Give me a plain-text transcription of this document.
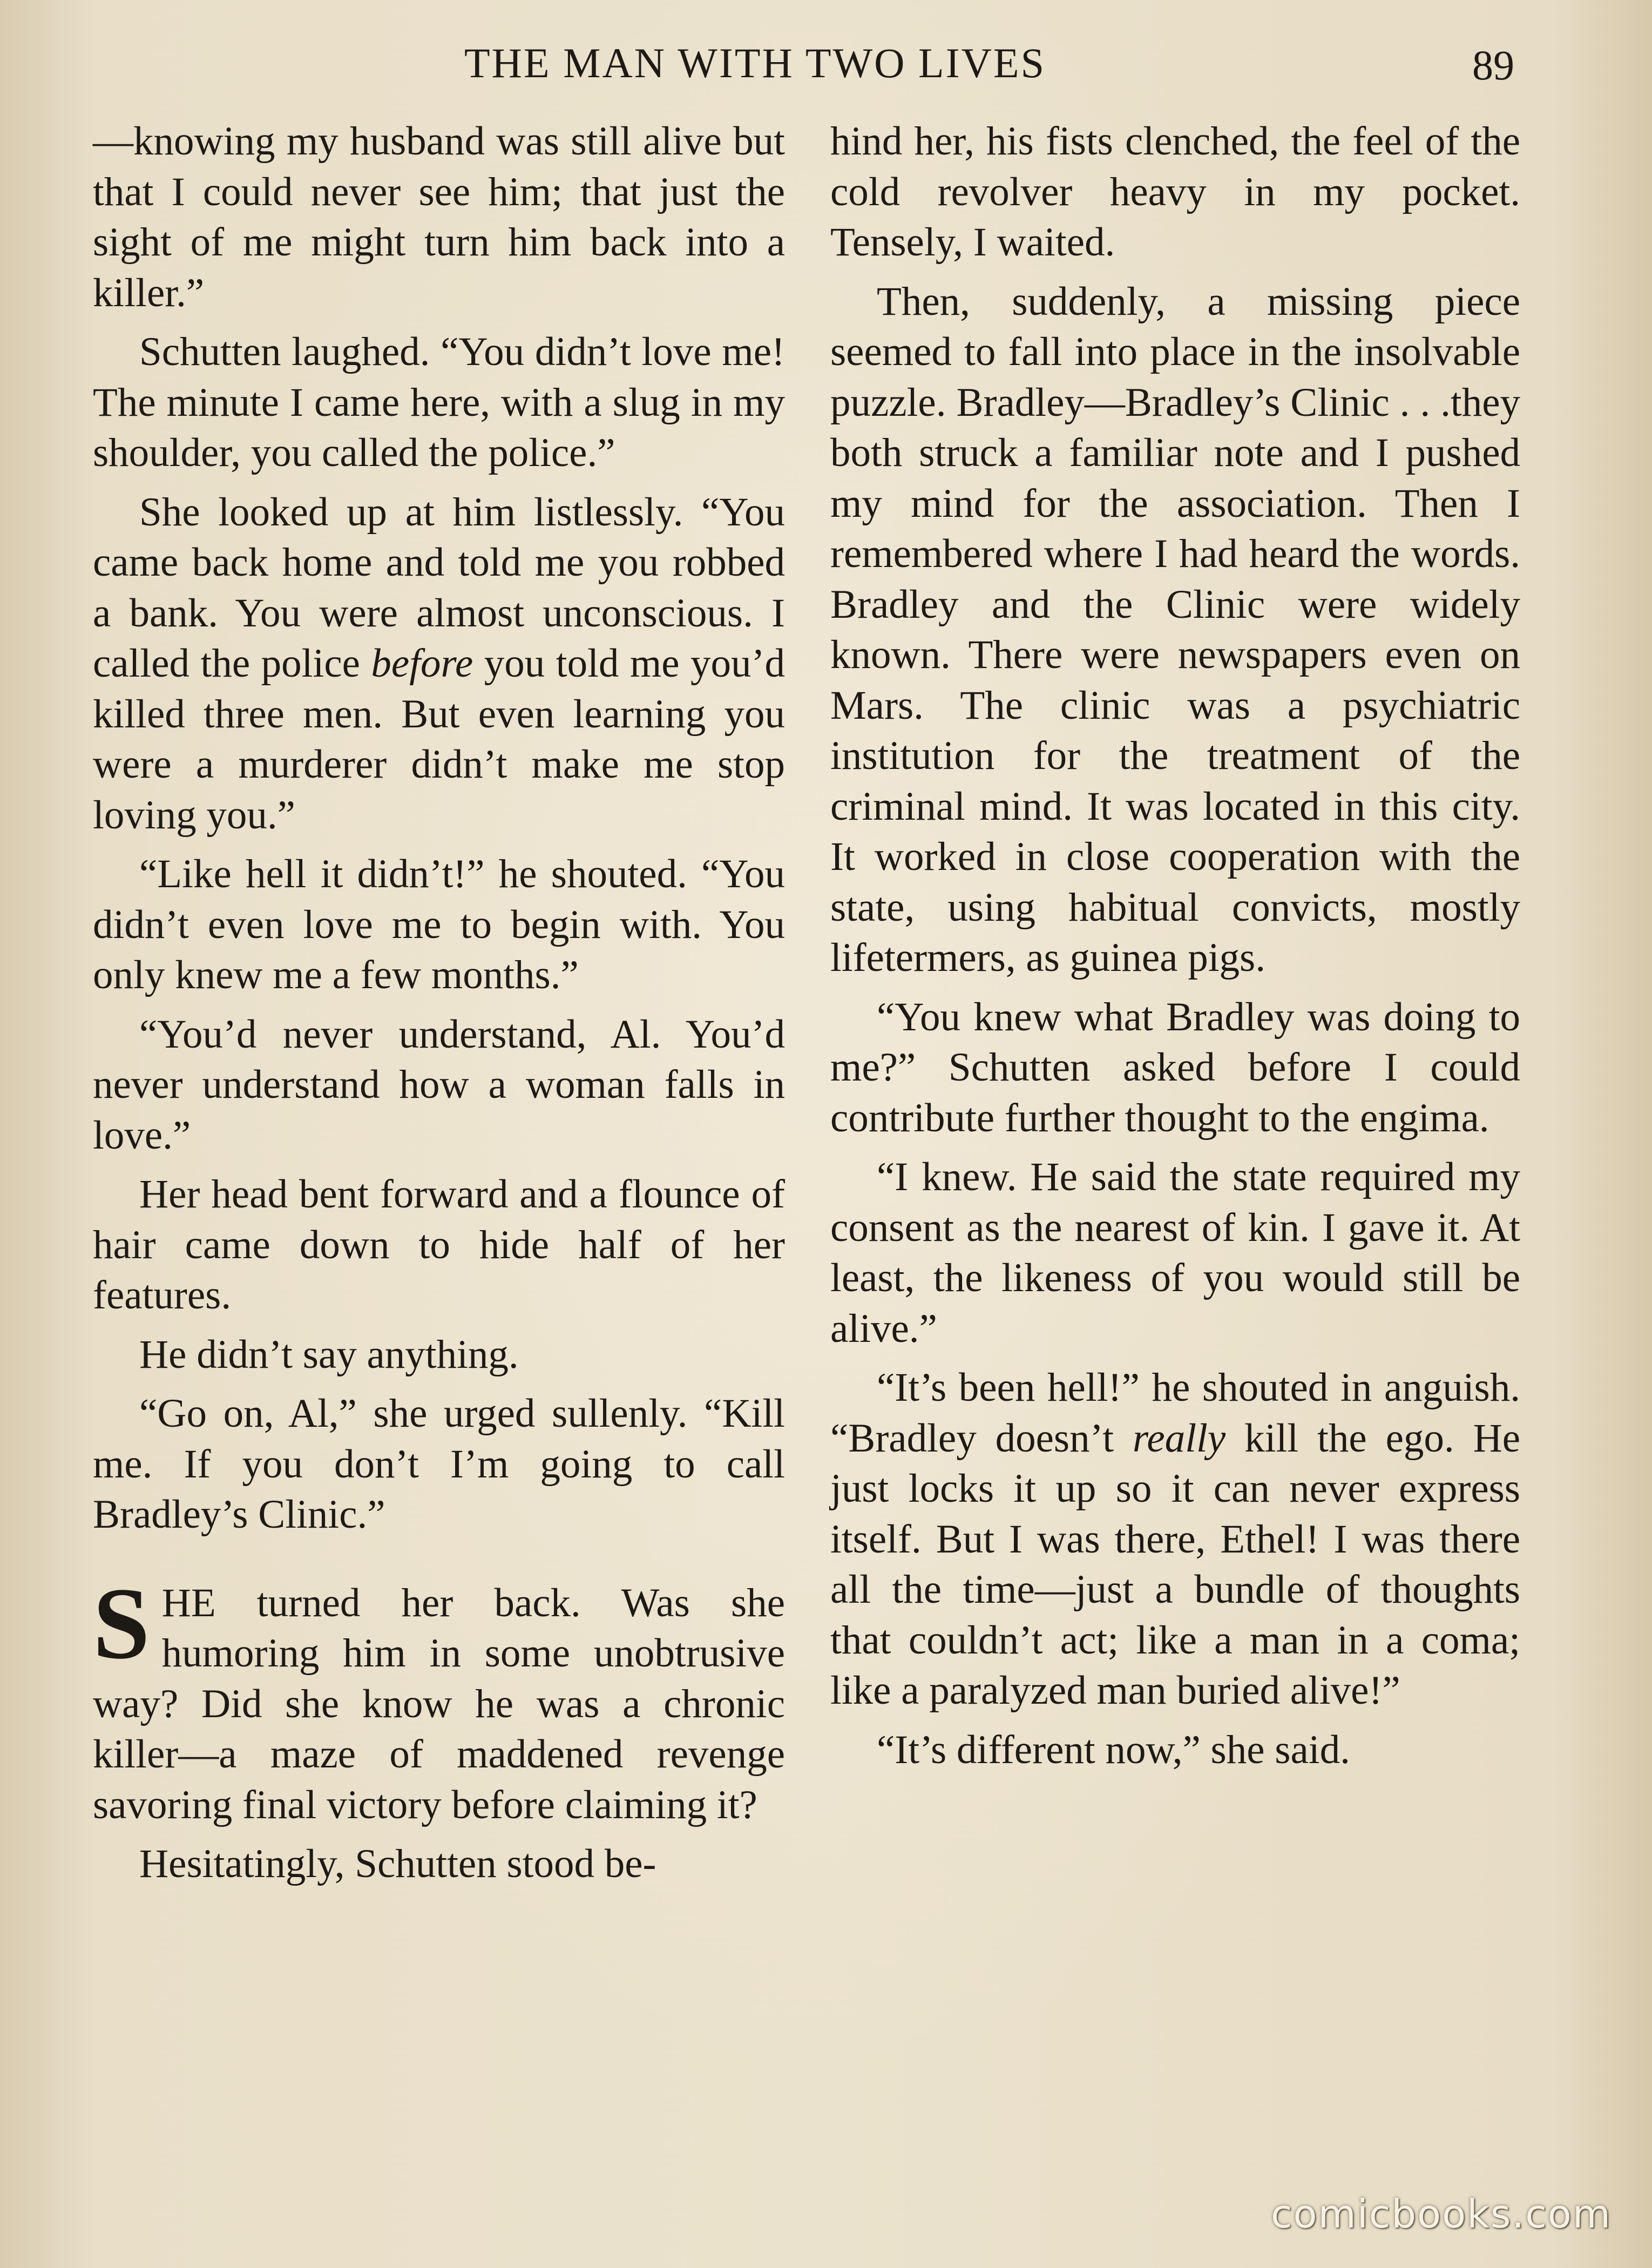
THE MAN WITH TWO LIVES	89

—knowing my husband was still alive but that I could never see him; that just the sight of me might turn him back into a killer.”

Schutten laughed. “You didn’t love me! The minute I came here, with a slug in my shoulder, you called the police.”

She looked up at him listlessly. “You came back home and told me you robbed a bank. You were almost unconscious. I called the police before you told me you’d killed three men. But even learning you were a murderer didn’t make me stop loving you.”

“Like hell it didn’t!” he shouted. “You didn’t even love me to begin with. You only knew me a few months.”

“You’d never understand, Al. You’d never understand how a woman falls in love.”

Her head bent forward and a flounce of hair came down to hide half of her features.

He didn’t say anything.

“Go on, Al,” she urged sullenly. “Kill me. If you don’t I’m going to call Bradley’s Clinic.”

SHE turned her back. Was she humoring him in some unobtrusive way? Did she know he was a chronic killer—a maze of maddened revenge savoring final victory before claiming it?

Hesitatingly, Schutten stood be-

hind her, his fists clenched, the feel of the cold revolver heavy in my pocket. Tensely, I waited.

Then, suddenly, a missing piece seemed to fall into place in the insolvable puzzle. Bradley—Bradley’s Clinic . . .they both struck a familiar note and I pushed my mind for the association. Then I remembered where I had heard the words. Bradley and the Clinic were widely known. There were newspapers even on Mars. The clinic was a psychiatric institution for the treatment of the criminal mind. It was located in this city. It worked in close cooperation with the state, using habitual convicts, mostly lifetermers, as guinea pigs.

“You knew what Bradley was doing to me?” Schutten asked before I could contribute further thought to the engima.

“I knew. He said the state required my consent as the nearest of kin. I gave it. At least, the likeness of you would still be alive.”

“It’s been hell!” he shouted in anguish. “Bradley doesn’t really kill the ego. He just locks it up so it can never express itself. But I was there, Ethel! I was there all the time—just a bundle of thoughts that couldn’t act; like a man in a coma; like a paralyzed man buried alive!”

“It’s different now,” she said.

comicbooks.com
